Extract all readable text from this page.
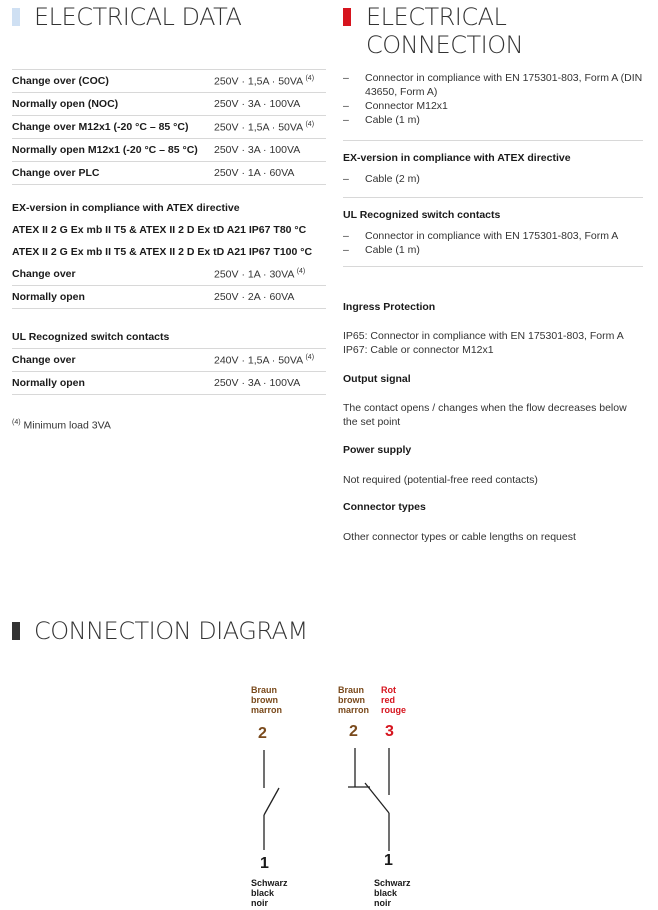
ELECTRICAL DATA
Change over (COC)	250V · 1,5A · 50VA $^{(4)}$
Normally open (NOC)	250V · 3A · 100VA
Change over M12x1 (-20 °C – 85 °C) 250V · 1,5A · 50VA $^{(4)}$
Normally open M12x1 (-20 °C – 85 °C) 250V · 3A · 100VA
Change over PLC	250V · 1A · 60VA
EX-version in compliance with ATEX directive
ATEX II 2 G Ex mb II T5 & ATEX II 2 D Ex tD A21 IP67 T80 °C
ATEX II 2 G Ex mb II T5 & ATEX II 2 D Ex tD A21 IP67 T100 °C
Change over	250V · 1A · 30VA $^{(4)}$
Normally open	250V · 2A · 60VA
UL Recognized switch contacts
Change over	240V · 1,5A · 50VA $^{(4)}$
Normally open	250V · 3A · 100VA
$^{(4)}$ Minimum load 3VA
ELECTRICAL
CONNECTION

– Connector in compliance with EN 175301-803, Form A (DIN 43650, Form A)

– Connector M12x1

– Cable (1 m)

EX-version in compliance with ATEX directive

– Cable (2 m)

UL Recognized switch contacts

– Connector in compliance with EN 175301-803, Form A

– Cable (1 m)

Ingress Protection
IP65: Connector in compliance with EN 175301-803, Form A
IP67: Cable or connector M12x1
Output signal
The contact opens / changes when the flow decreases below the set point
Power supply
Not required (potential-free reed contacts)
Connector types
Other connector types or cable lengths on request
CONNECTION DIAGRAM
Braun
brown
marron
2
1
Schwarz
black
noir
Braun
brown
marron
Rot
red
rouge
2 3
1
Schwarz
black
noir
